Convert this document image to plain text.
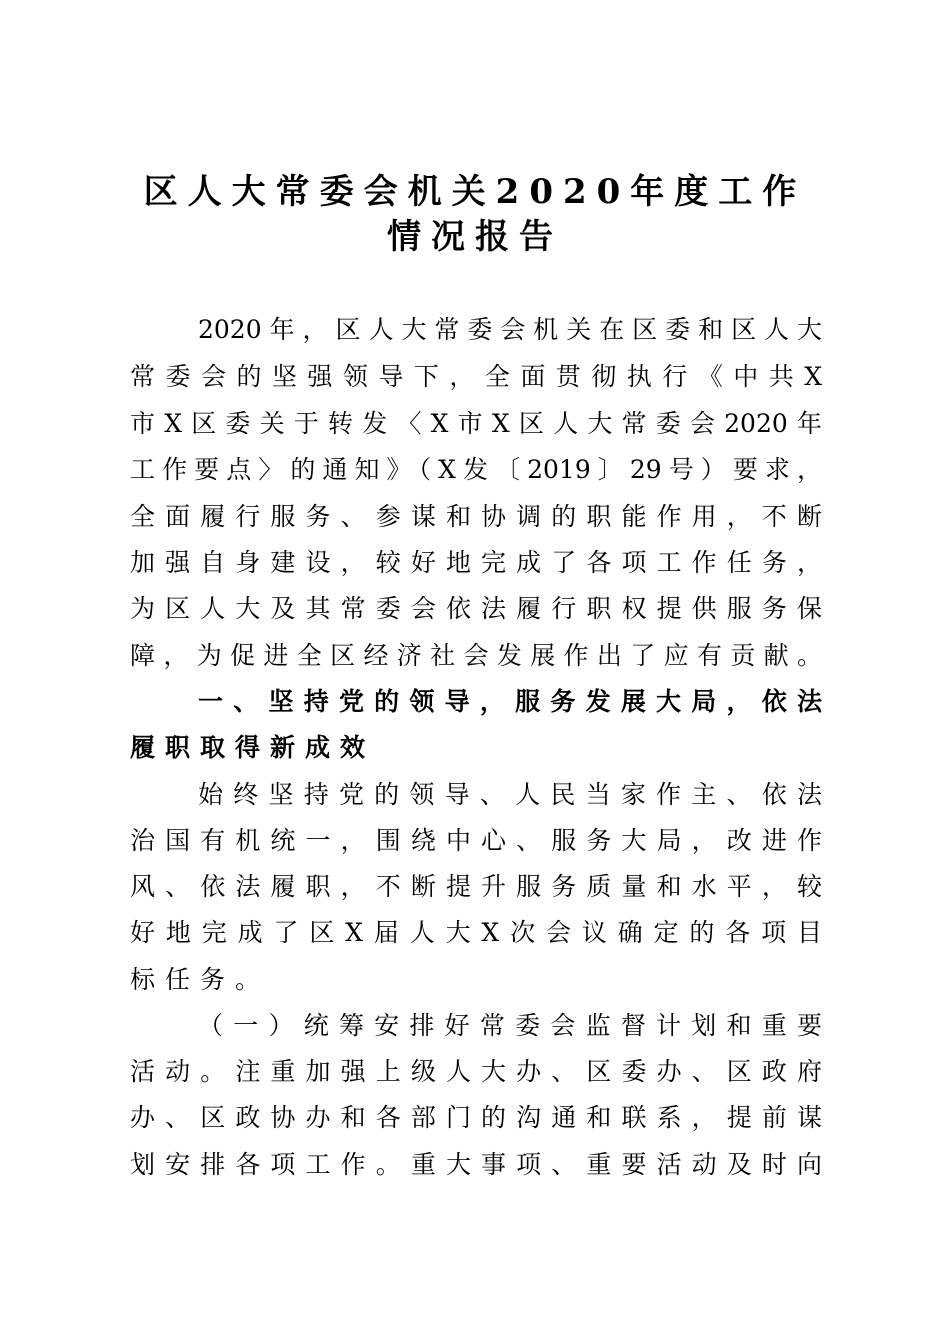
区人大常委会机关2020年度工作
情况报告
2020年，区人大常委会机关在区委和区人大
常委会的坚强领导下，全面贯彻执行《中共X
市X区委关于转发〈X市X区人大常委会2020年
工作要点〉的通知》（X发〔2019〕29号）要求，
全面履行服务、参谋和协调的职能作用，不断
加强自身建设，较好地完成了各项工作任务，
为区人大及其常委会依法履行职权提供服务保
障，为促进全区经济社会发展作出了应有贡献。
一、坚持党的领导，服务发展大局，依法
履职取得新成效
始终坚持党的领导、人民当家作主、依法
治国有机统一，围绕中心、服务大局，改进作
风、依法履职，不断提升服务质量和水平，较
好地完成了区X届人大X次会议确定的各项目
标任务。
（一）统筹安排好常委会监督计划和重要
活动。注重加强上级人大办、区委办、区政府
办、区政协办和各部门的沟通和联系，提前谋
划安排各项工作。重大事项、重要活动及时向
